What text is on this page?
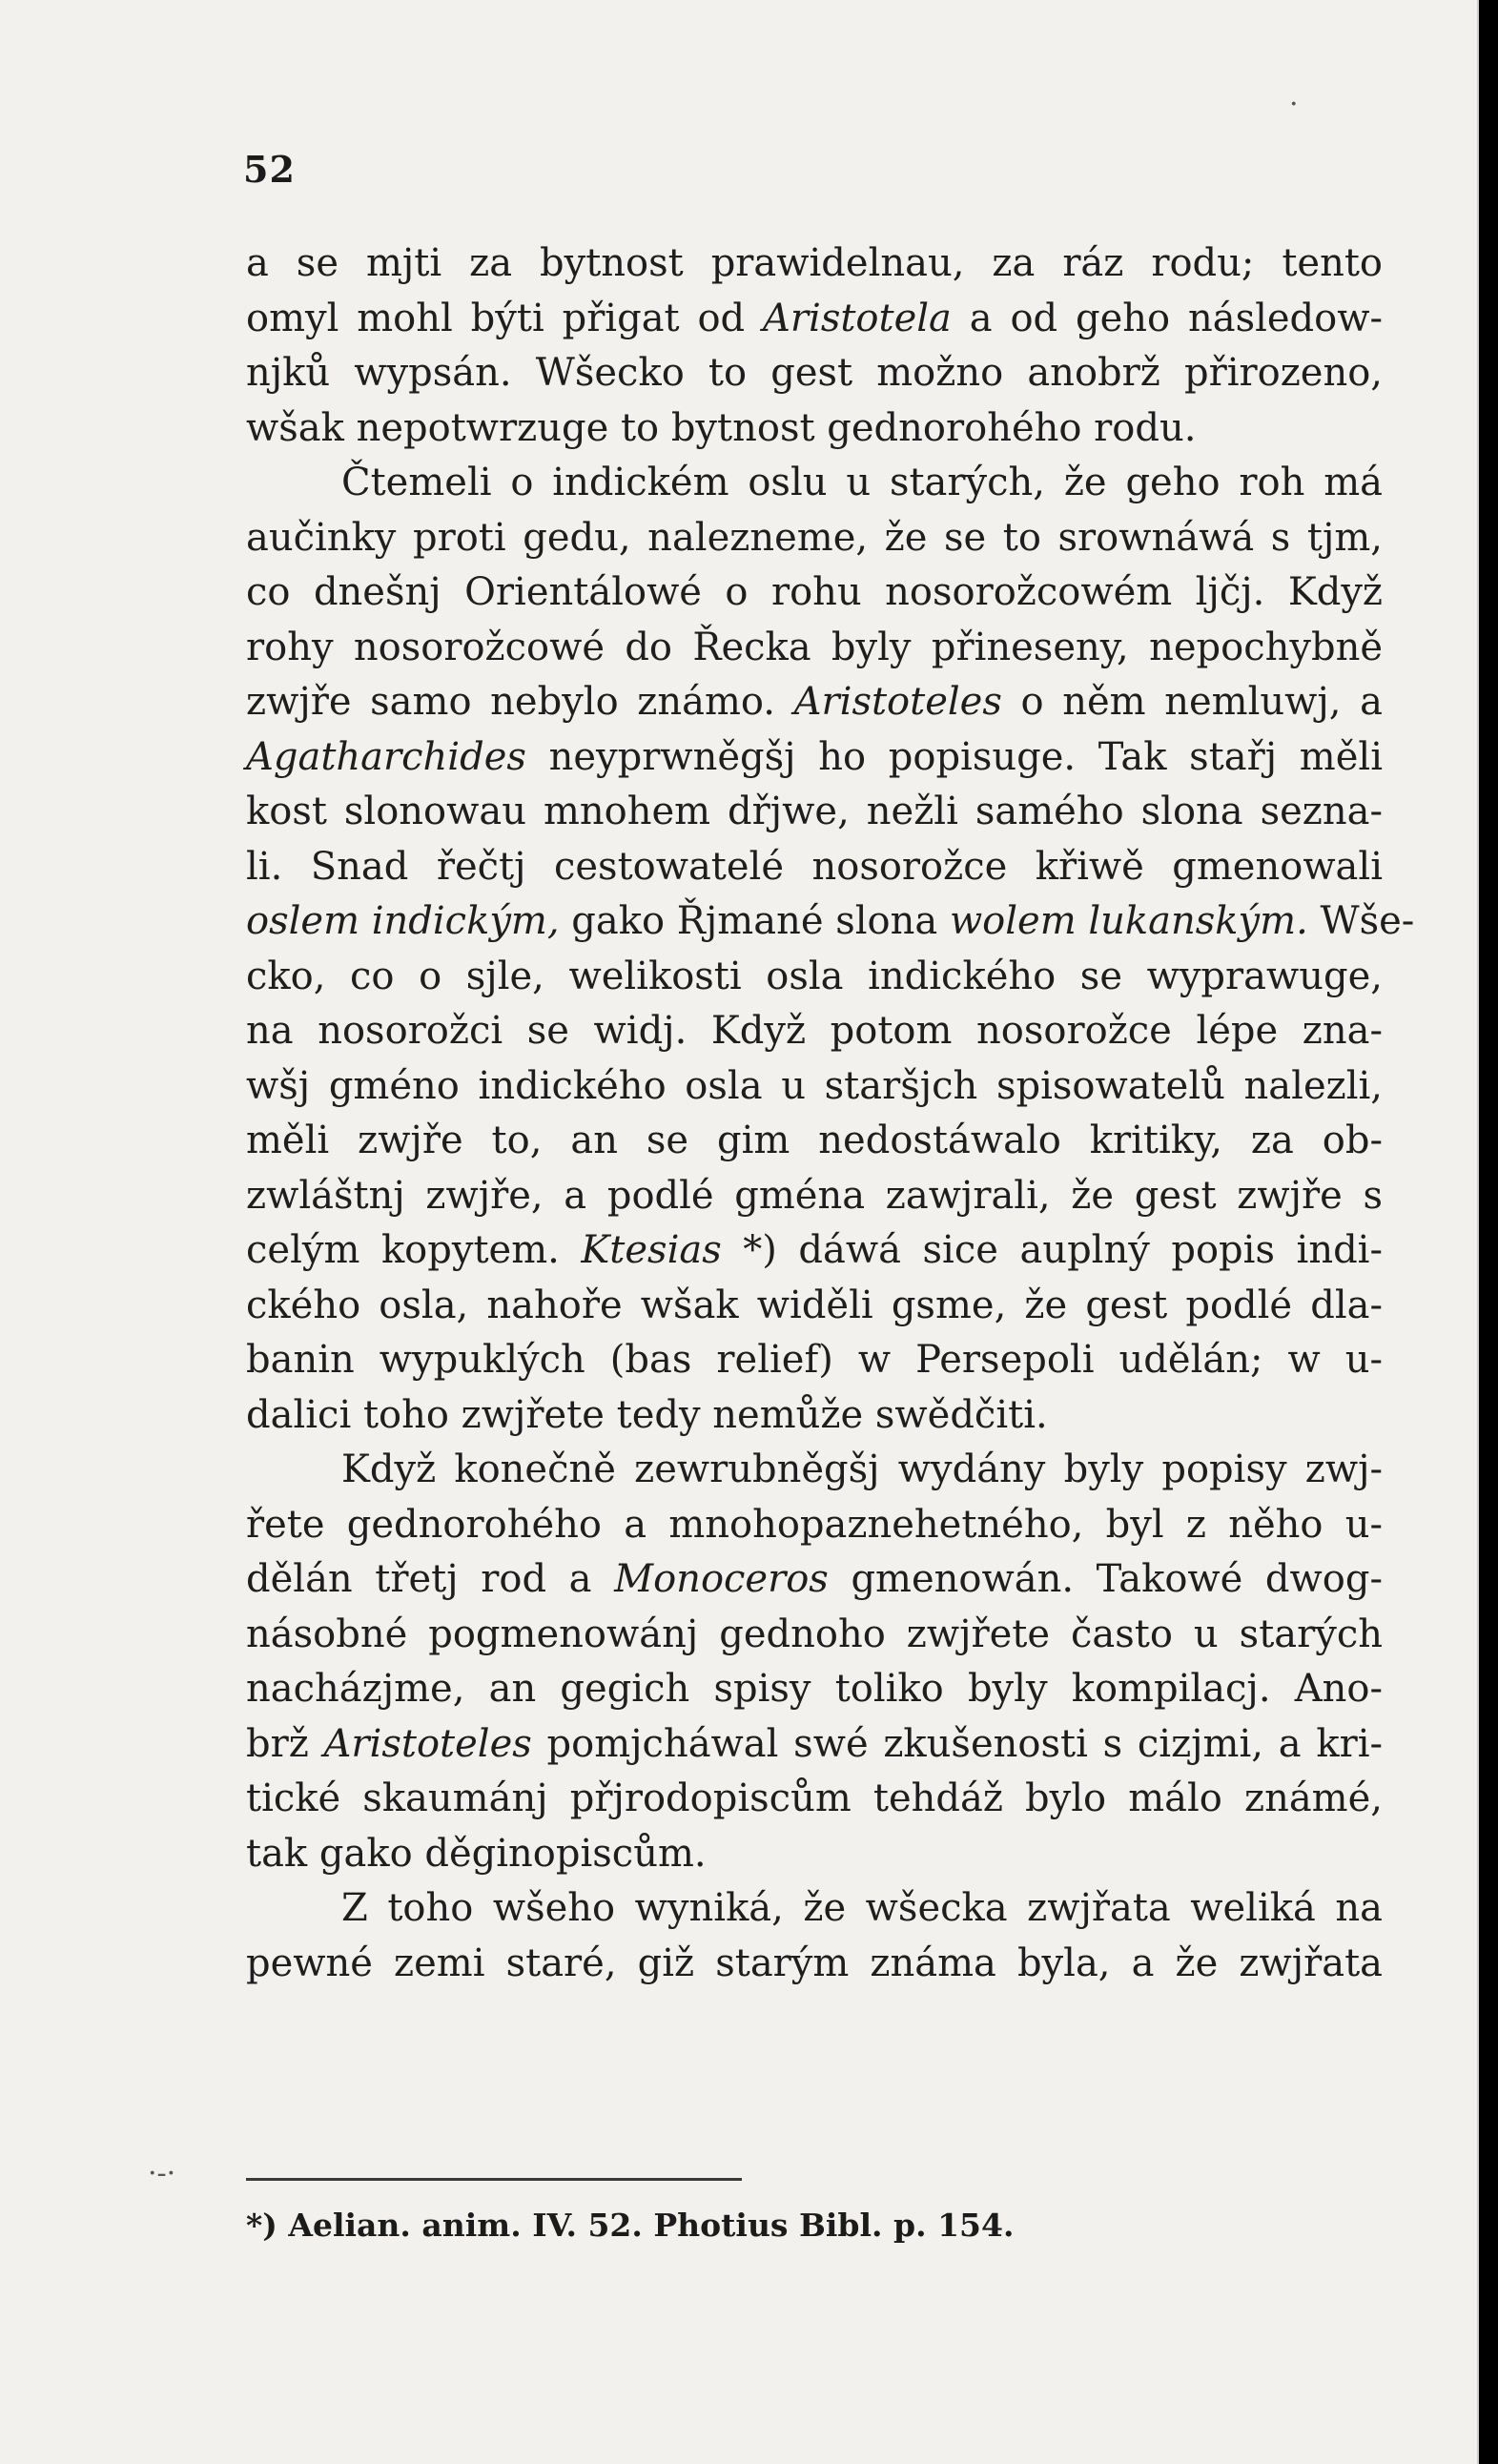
52
a se mjti za bytnost prawidelnau, za ráz rodu; tento
omyl mohl býti přigat od Aristotela a od geho následow-
njků wypsán. Wšecko to gest možno anobrž přirozeno,
wšak nepotwrzuge to bytnost gednorohého rodu.
Čtemeli o indickém oslu u starých, že geho roh má
aučinky proti gedu, nalezneme, že se to srownáwá s tjm,
co dnešnj Orientálowé o rohu nosorožcowém ljčj. Když
rohy nosorožcowé do Řecka byly přineseny, nepochybně
zwjře samo nebylo známo. Aristoteles o něm nemluwj, a
Agatharchides neyprwněgšj ho popisuge. Tak stařj měli
kost slonowau mnohem dřjwe, nežli samého slona sezna-
li. Snad řečtj cestowatelé nosorožce křiwě gmenowali
oslem indickým, gako Řjmané slona wolem lukanským. Wše-
cko, co o sjle, welikosti osla indického se wyprawuge,
na nosorožci se widj. Když potom nosorožce lépe zna-
wšj gméno indického osla u staršjch spisowatelů nalezli,
měli zwjře to, an se gim nedostáwalo kritiky, za ob-
zwláštnj zwjře, a podlé gména zawjrali, že gest zwjře s
celým kopytem. Ktesias *) dáwá sice auplný popis indi-
ckého osla, nahoře wšak widěli gsme, že gest podlé dla-
banin wypuklých (bas relief) w Persepoli udělán; w u-
dalici toho zwjřete tedy nemůže swědčiti.
Když konečně zewrubněgšj wydány byly popisy zwj-
řete gednorohého a mnohopaznehetného, byl z něho u-
dělán třetj rod a Monoceros gmenowán. Takowé dwog-
násobné pogmenowánj gednoho zwjřete často u starých
nacházjme, an gegich spisy toliko byly kompilacj. Ano-
brž Aristoteles pomjcháwal swé zkušenosti s cizjmi, a kri-
tické skaumánj přjrodopiscům tehdáž bylo málo známé,
tak gako děginopiscům.
Z toho wšeho wyniká, že wšecka zwjřata weliká na
pewné zemi staré, giž starým známa byla, a že zwjřata
*) Aelian. anim. IV. 52. Photius Bibl. p. 154.
·
·-·
